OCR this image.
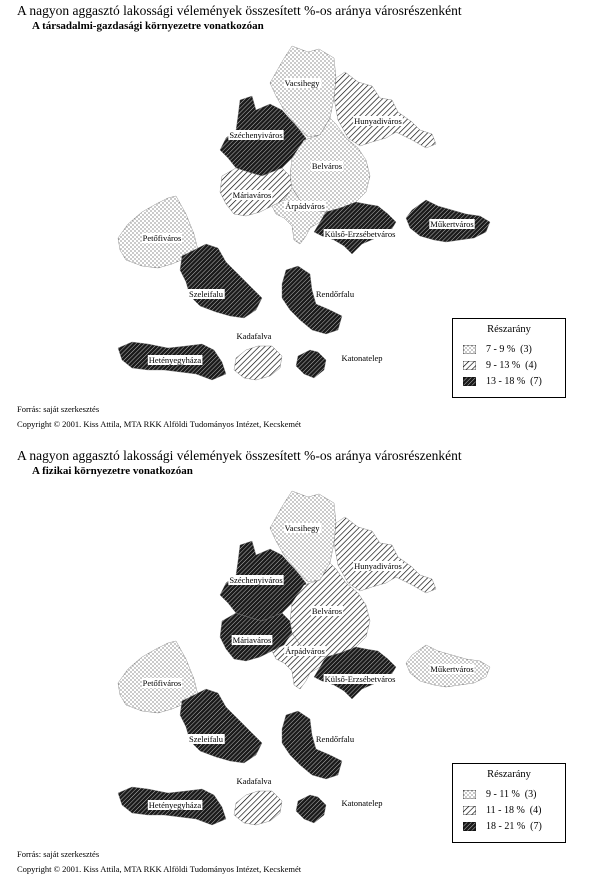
A nagyon aggasztó lakossági vélemények összesített %-os aránya városrészenként
A társadalmi-gazdasági környezetre vonatkozóan
Vacsihegy
Hunyadiváros
Széchenyiváros
Belváros
Máriaváros
Árpádváros
Külső-Erzsébetváros
Műkertváros
Petőfiváros
Szeleifalu	Rendőrfalu
Kadafalva
Hetényegyháza	Katonatelep
Részarány
7 - 9 %
(3)
9 - 13 %
(4)
13 - 18 %
(7)
Forrás: saját szerkesztés
Copyright © 2001. Kiss Attila, MTA RKK Alföldi Tudományos Intézet, Kecskemét
A nagyon aggasztó lakossági vélemények összesített %-os aránya városrészenként
A fizikai környezetre vonatkozóan
Vacsihegy
Hunyadiváros
Széchenyiváros
Belváros
Máriaváros
Árpádváros
Külső-Erzsébetváros
Műkertváros
Petőfiváros
Szeleifalu	Rendőrfalu
Kadafalva
Hetényegyháza	Katonatelep
Részarány
9 - 11 %
(3)
11 - 18 %
(4)
18 - 21 %
(7)
Forrás: saját szerkesztés
Copyright © 2001. Kiss Attila, MTA RKK Alföldi Tudományos Intézet, Kecskemét
